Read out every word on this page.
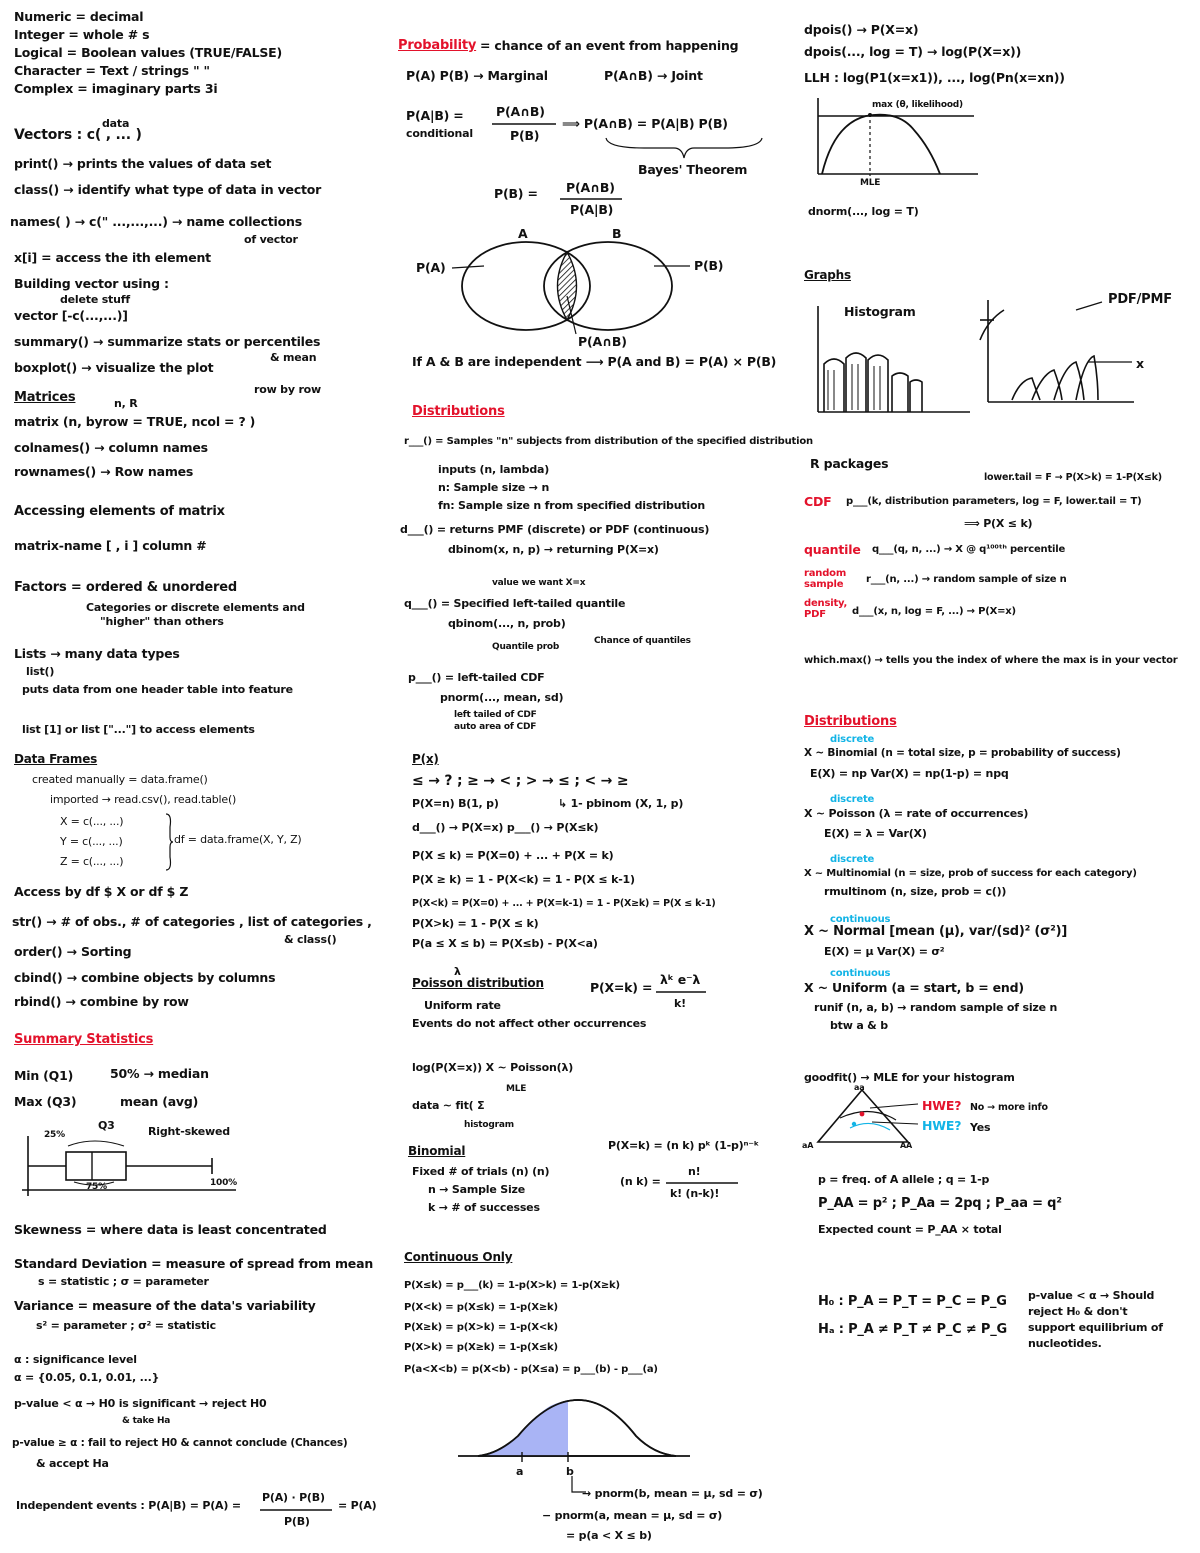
Numeric = decimal
Integer = whole # s
Logical = Boolean values (TRUE/FALSE)
Character = Text / strings " "
Complex = imaginary parts 3i
data
Vectors : c( , ... )
print() → prints the values of data set
class() → identify what type of data in vector
names( ) → c(" ...,...,...) → name collections
of vector
x[i] = access the ith element
Building vector using :
delete stuff
vector [-c(...,...)]
summary() → summarize stats or percentiles
& mean
boxplot() → visualize the plot
row by row
Matrices	n, R
matrix (n, byrow = TRUE, ncol = ? )
colnames() → column names
rownames() → Row names
Accessing elements of matrix
matrix-name [ , i ] column #
Factors = ordered & unordered
Categories or discrete elements and
"higher" than others
Lists → many data types
list()
puts data from one header table into feature
list [1] or list ["..."] to access elements
Data Frames
created manually = data.frame()
imported → read.csv(), read.table()
X = c(..., ...)
Y = c(..., ...)
Z = c(..., ...)
df = data.frame(X, Y, Z)
Access by df $ X or df $ Z
str() → # of obs., # of categories , list of categories ,
& class()
order() → Sorting
cbind() → combine objects by columns
rbind() → combine by row
Summary Statistics
Min (Q1)	50% → median
Max (Q3)	mean (avg)
25%
Q3
75%	100%
Right-skewed
Skewness = where data is least concentrated
Standard Deviation = measure of spread from mean
s = statistic ; σ = parameter
Variance = measure of the data's variability
s² = parameter ; σ² = statistic
α : significance level
α = {0.05, 0.1, 0.01, ...}
p-value < α → H0 is significant → reject H0
& take Ha
p-value ≥ α : fail to reject H0 & cannot conclude (Chances)
& accept Ha
Independent events : P(A|B) = P(A) =
P(A) · P(B)
P(B)
= P(A)
Probability = chance of an event from happening
P(A) P(B) → Marginal	P(A∩B) → Joint
P(A|B) =
conditional
P(A∩B)
P(B)
⟹ P(A∩B) = P(A|B) P(B)
Bayes' Theorem
P(B) = P(A∩B)
P(A|B)
A	B
P(A)	P(B)
P(A∩B)
If A & B are independent ⟶ P(A and B) = P(A) × P(B)
Distributions
r___() = Samples "n" subjects from distribution of the specified distribution
inputs (n, lambda)
n: Sample size → n
fn: Sample size n from specified distribution
d___() = returns PMF (discrete) or PDF (continuous)
dbinom(x, n, p) → returning P(X=x)
value we want X=x
q___() = Specified left-tailed quantile
qbinom(..., n, prob)
Quantile prob
Chance of quantiles
p___() = left-tailed CDF
pnorm(..., mean, sd)
left tailed of CDF
auto area of CDF
P(x)
≤ → ? ; ≥ → < ; > → ≤ ; < → ≥
P(X=n) B(1, p)	↳ 1- pbinom (X, 1, p)
d___() → P(X=x) p___() → P(X≤k)
P(X ≤ k) = P(X=0) + ... + P(X = k)
P(X ≥ k) = 1 - P(X<k) = 1 - P(X ≤ k-1)
P(X<k) = P(X=0) + ... + P(X=k-1) = 1 - P(X≥k) = P(X ≤ k-1)
P(X>k) = 1 - P(X ≤ k)
P(a ≤ X ≤ b) = P(X≤b) - P(X<a)
Poisson distribution
λ
P(X=k) =
λᵏ e⁻λ
k!
Uniform rate
Events do not affect other occurrences
log(P(X=x)) X ~ Poisson(λ)
MLE
data ~ fit( Σ
histogram
Binomial	P(X=k) = (n k) pᵏ (1-p)ⁿ⁻ᵏ
Fixed # of trials (n) (n)
n → Sample Size
k → # of successes
(n k) =
n!
k! (n-k)!
Continuous Only
P(X≤k) = p___(k) = 1-p(X>k) = 1-p(X≥k)
P(X<k) = p(X≤k) = 1-p(X≥k)
P(X≥k) = p(X>k) = 1-p(X<k)
P(X>k) = p(X≥k) = 1-p(X≤k)
P(a<X<b) = p(X<b) - p(X≤a) = p___(b) - p___(a)
a	b
→ pnorm(b, mean = μ, sd = σ)
− pnorm(a, mean = μ, sd = σ)
= p(a < X ≤ b)
dpois() → P(X=x)
dpois(..., log = T) → log(P(X=x))
LLH : log(P1(x=x1)), ..., log(Pn(x=xn))
max (θ, likelihood)
MLE
dnorm(..., log = T)
Graphs
Histogram
PDF/PMF
x
R packages
lower.tail = F → P(X>k) = 1-P(X≤k)
CDF p___(k, distribution parameters, log = F, lower.tail = T)
⟹ P(X ≤ k)
quantile q___(q, n, ...) → X @ q¹⁰⁰ᵗʰ percentile
random sample	r___(n, ...) → random sample of size n
density, PDF	d___(x, n, log = F, ...) → P(X=x)
which.max() → tells you the index of where the max is in your vector
Distributions
discrete
X ~ Binomial (n = total size, p = probability of success)
E(X) = np Var(X) = np(1-p) = npq
discrete
X ~ Poisson (λ = rate of occurrences)
E(X) = λ = Var(X)
discrete
X ~ Multinomial (n = size, prob of success for each category)
rmultinom (n, size, prob = c())
continuous
X ~ Normal [mean (μ), var/(sd)² (σ²)]
E(X) = μ Var(X) = σ²
continuous
X ~ Uniform (a = start, b = end)
runif (n, a, b) → random sample of size n
btw a & b
goodfit() → MLE for your histogram
aa
aA	AA
HWE? No → more info
HWE? Yes
p = freq. of A allele ; q = 1-p
P_AA = p² ; P_Aa = 2pq ; P_aa = q²
Expected count = P_AA × total
H₀ : P_A = P_T = P_C = P_G
Hₐ : P_A ≠ P_T ≠ P_C ≠ P_G
p-value < α → Should
reject H₀ & don't
support equilibrium of
nucleotides.
